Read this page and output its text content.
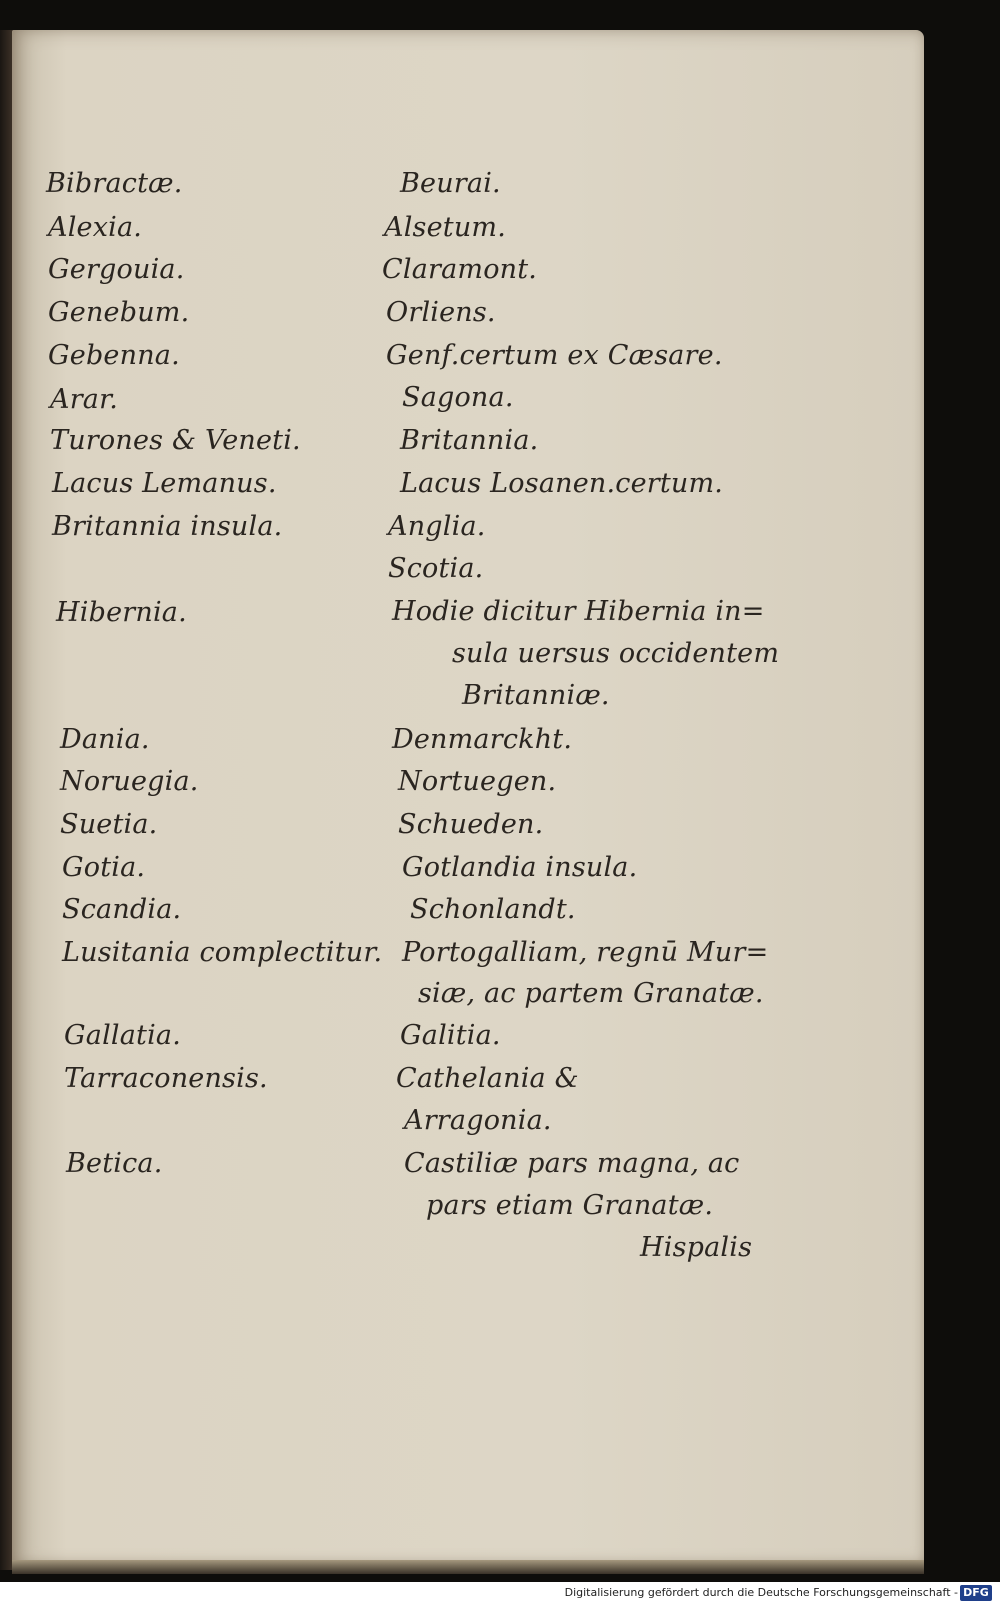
Bibractæ.
Alexia.
Gergouia.
Genebum.
Gebenna.
Arar.
Turones & Veneti.
Lacus Lemanus.
Britannia insula.
Hibernia.
Dania.
Noruegia.
Suetia.
Gotia.
Scandia.
Lusitania complectitur.
Gallatia.
Tarraconensis.
Betica.
Beurai.
Alsetum.
Claramont.
Orliens.
Genf.certum ex Cæsare.
Sagona.
Britannia.
Lacus Losanen.certum.
Anglia.
Scotia.
Hodie dicitur Hibernia in=
sula uersus occidentem
Britanniæ.
Denmarckht.
Nortuegen.
Schueden.
Gotlandia insula.
Schonlandt.
Portogalliam, regnū Mur=
siæ, ac partem Granatæ.
Galitia.
Cathelania &
Arragonia.
Castiliæ pars magna, ac
pars etiam Granatæ.
Hispalis
Digitalisierung gefördert durch die Deutsche Forschungsgemeinschaft - DFG
